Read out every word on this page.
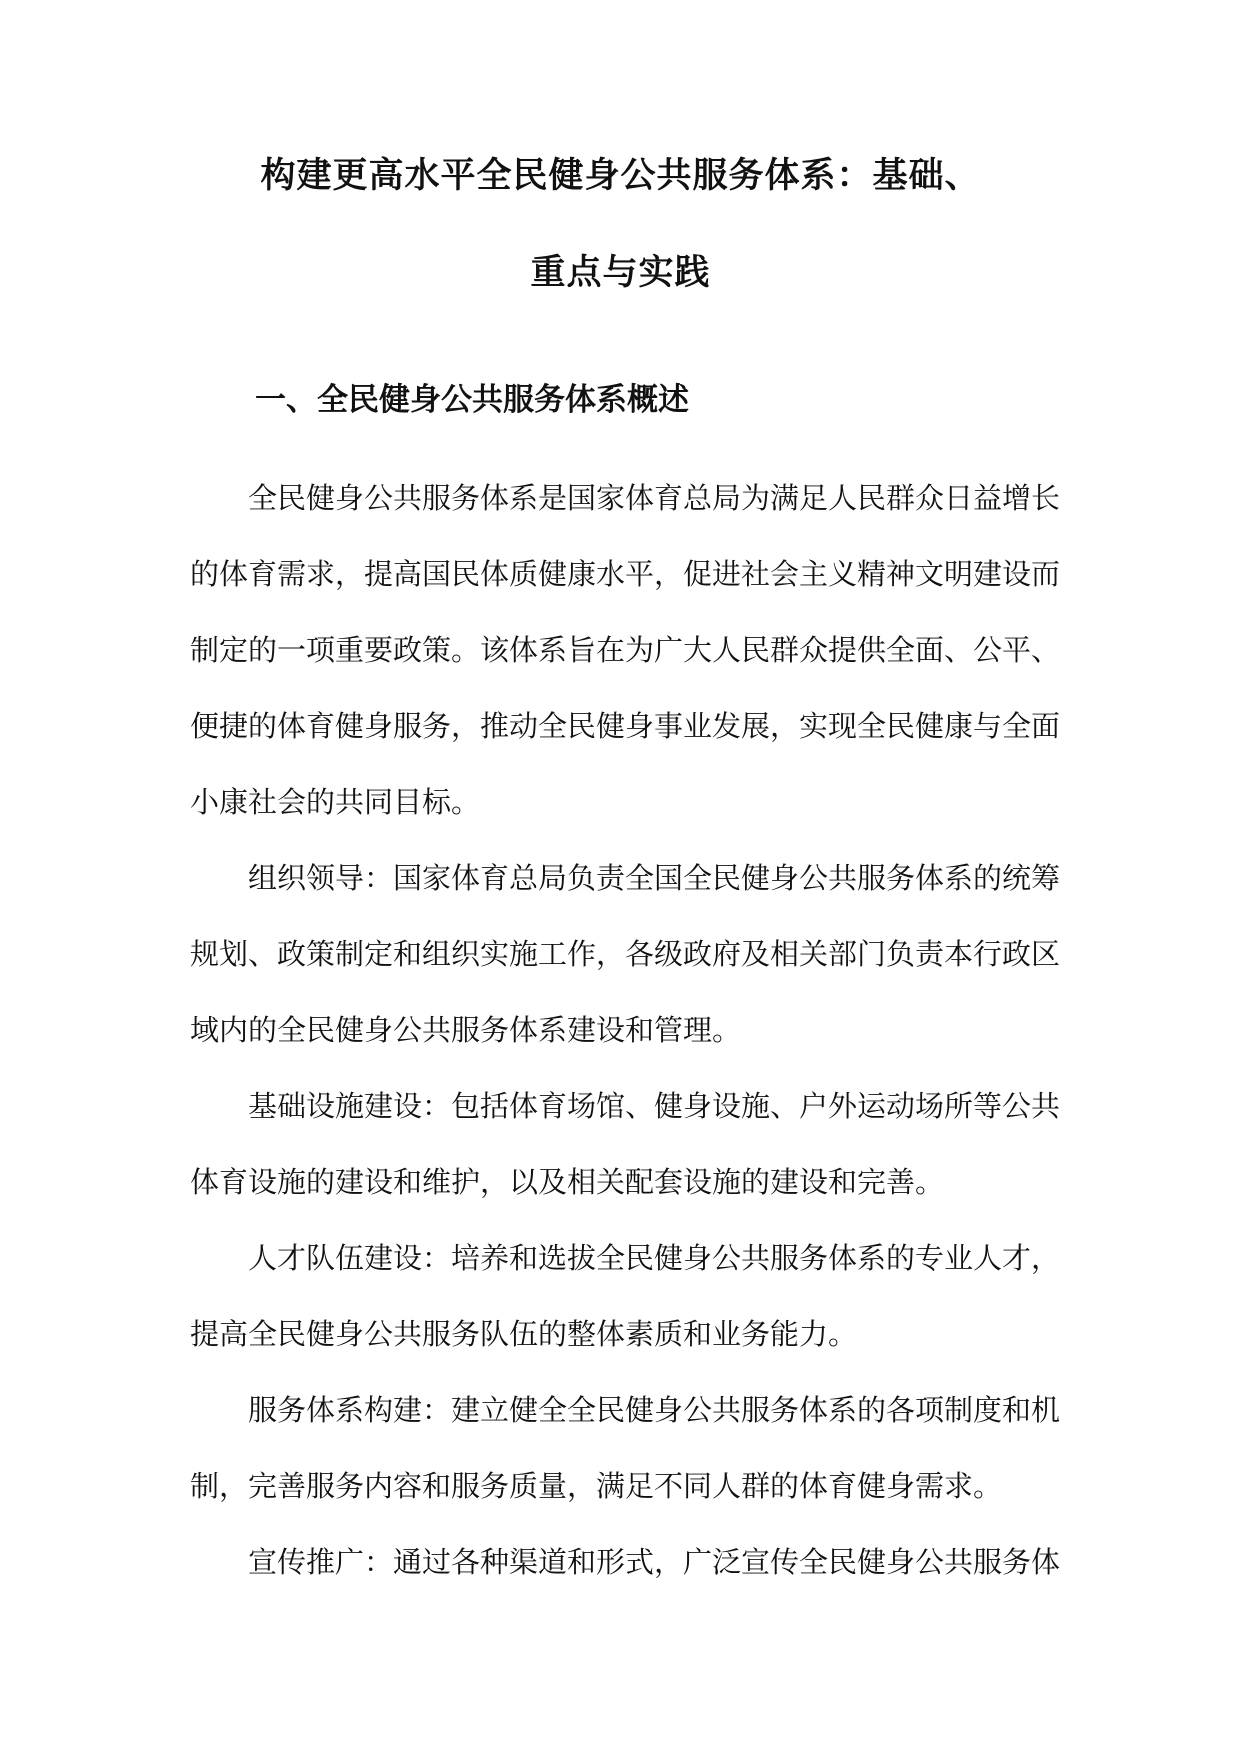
构建更高水平全民健身公共服务体系：基础、
重点与实践
一、全民健身公共服务体系概述

全民健身公共服务体系是国家体育总局为满足人民群众日益增长的体育需求，提高国民体质健康水平，促进社会主义精神文明建设而制定的一项重要政策。该体系旨在为广大人民群众提供全面、公平、便捷的体育健身服务，推动全民健身事业发展，实现全民健康与全面小康社会的共同目标。

组织领导：国家体育总局负责全国全民健身公共服务体系的统筹规划、政策制定和组织实施工作，各级政府及相关部门负责本行政区域内的全民健身公共服务体系建设和管理。

基础设施建设：包括体育场馆、健身设施、户外运动场所等公共体育设施的建设和维护，以及相关配套设施的建设和完善。

人才队伍建设：培养和选拔全民健身公共服务体系的专业人才，提高全民健身公共服务队伍的整体素质和业务能力。

服务体系构建：建立健全全民健身公共服务体系的各项制度和机制，完善服务内容和服务质量，满足不同人群的体育健身需求。

宣传推广：通过各种渠道和形式，广泛宣传全民健身公共服务体
